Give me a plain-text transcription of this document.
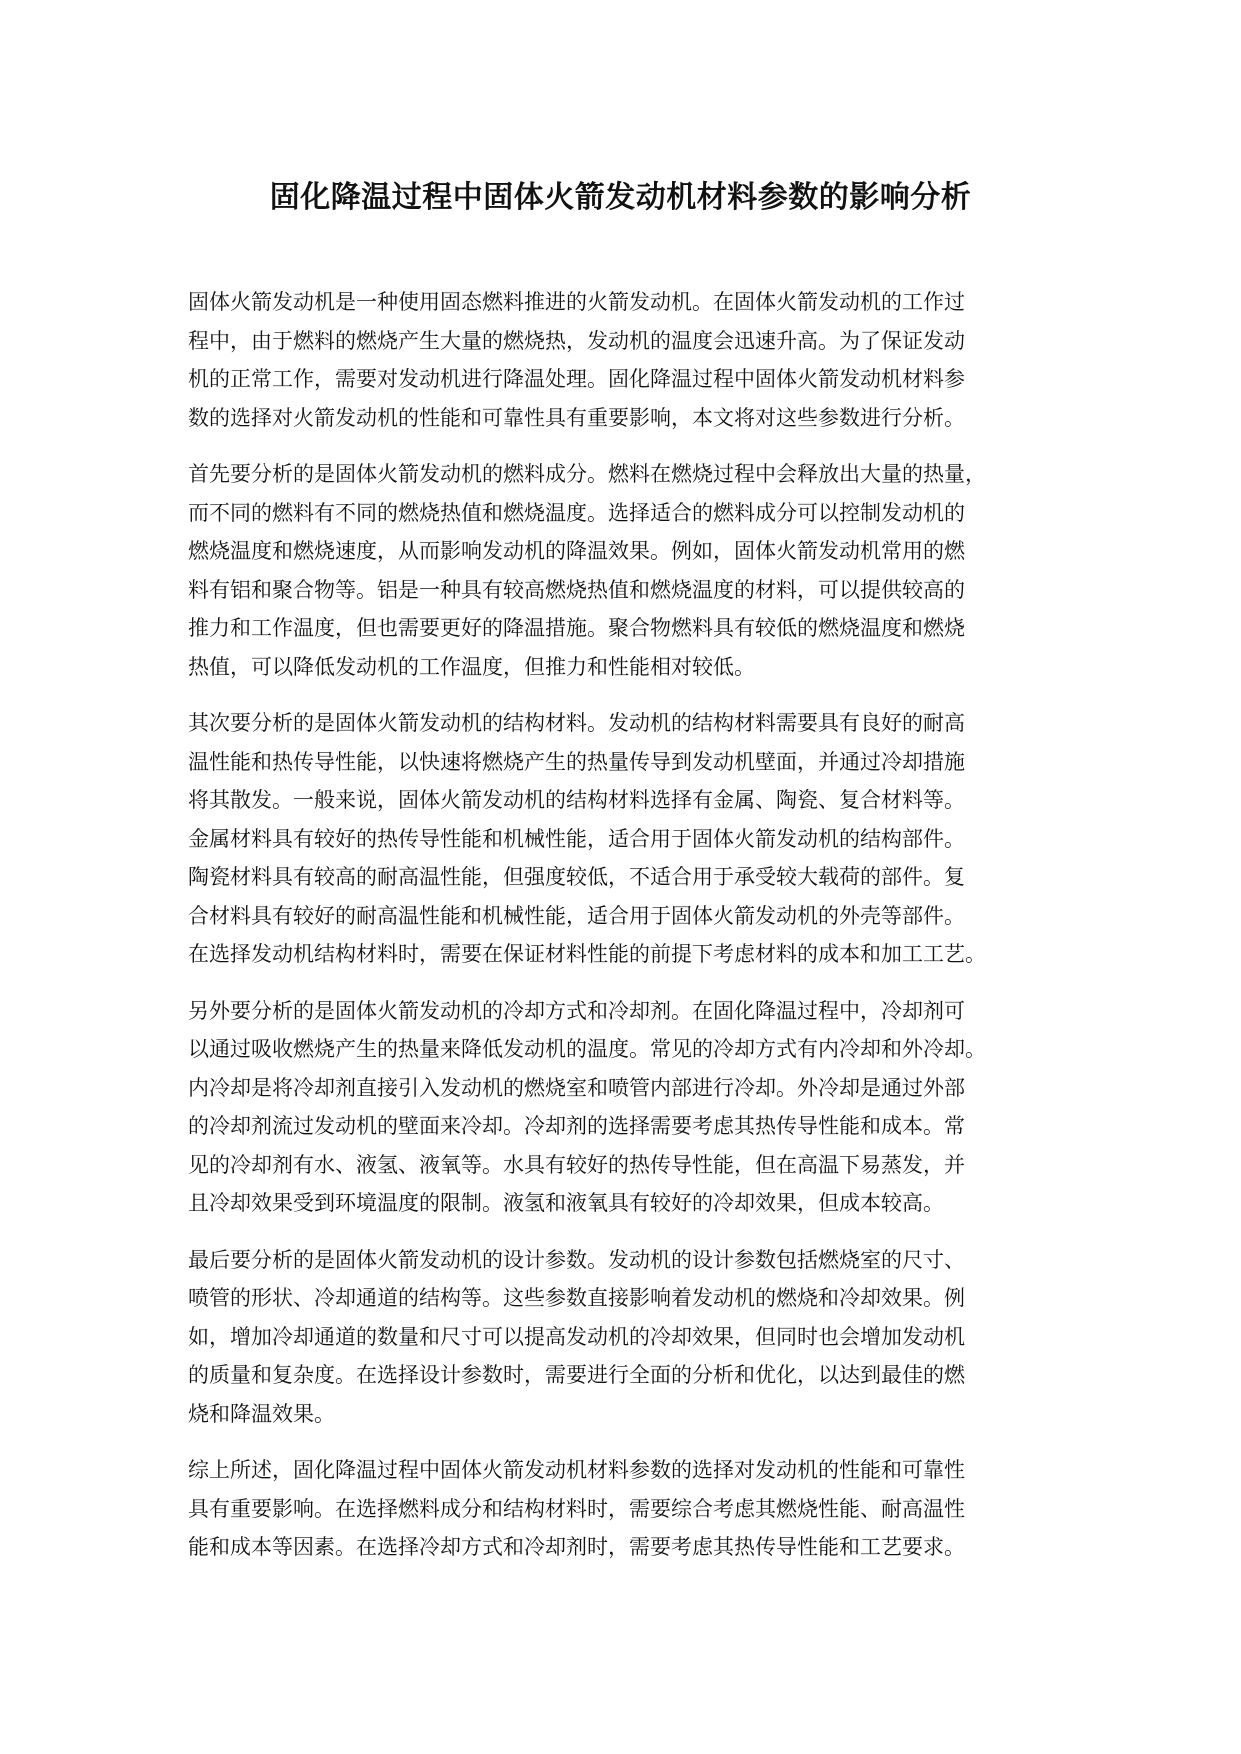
固化降温过程中固体火箭发动机材料参数的影响分析

固体火箭发动机是一种使用固态燃料推进的火箭发动机。在固体火箭发动机的工作过
程中，由于燃料的燃烧产生大量的燃烧热，发动机的温度会迅速升高。为了保证发动
机的正常工作，需要对发动机进行降温处理。固化降温过程中固体火箭发动机材料参
数的选择对火箭发动机的性能和可靠性具有重要影响，本文将对这些参数进行分析。

首先要分析的是固体火箭发动机的燃料成分。燃料在燃烧过程中会释放出大量的热量，
而不同的燃料有不同的燃烧热值和燃烧温度。选择适合的燃料成分可以控制发动机的
燃烧温度和燃烧速度，从而影响发动机的降温效果。例如，固体火箭发动机常用的燃
料有铝和聚合物等。铝是一种具有较高燃烧热值和燃烧温度的材料，可以提供较高的
推力和工作温度，但也需要更好的降温措施。聚合物燃料具有较低的燃烧温度和燃烧
热值，可以降低发动机的工作温度，但推力和性能相对较低。

其次要分析的是固体火箭发动机的结构材料。发动机的结构材料需要具有良好的耐高
温性能和热传导性能，以快速将燃烧产生的热量传导到发动机壁面，并通过冷却措施
将其散发。一般来说，固体火箭发动机的结构材料选择有金属、陶瓷、复合材料等。
金属材料具有较好的热传导性能和机械性能，适合用于固体火箭发动机的结构部件。
陶瓷材料具有较高的耐高温性能，但强度较低，不适合用于承受较大载荷的部件。复
合材料具有较好的耐高温性能和机械性能，适合用于固体火箭发动机的外壳等部件。
在选择发动机结构材料时，需要在保证材料性能的前提下考虑材料的成本和加工工艺。

另外要分析的是固体火箭发动机的冷却方式和冷却剂。在固化降温过程中，冷却剂可
以通过吸收燃烧产生的热量来降低发动机的温度。常见的冷却方式有内冷却和外冷却。
内冷却是将冷却剂直接引入发动机的燃烧室和喷管内部进行冷却。外冷却是通过外部
的冷却剂流过发动机的壁面来冷却。冷却剂的选择需要考虑其热传导性能和成本。常
见的冷却剂有水、液氢、液氧等。水具有较好的热传导性能，但在高温下易蒸发，并
且冷却效果受到环境温度的限制。液氢和液氧具有较好的冷却效果，但成本较高。

最后要分析的是固体火箭发动机的设计参数。发动机的设计参数包括燃烧室的尺寸、
喷管的形状、冷却通道的结构等。这些参数直接影响着发动机的燃烧和冷却效果。例
如，增加冷却通道的数量和尺寸可以提高发动机的冷却效果，但同时也会增加发动机
的质量和复杂度。在选择设计参数时，需要进行全面的分析和优化，以达到最佳的燃
烧和降温效果。

综上所述，固化降温过程中固体火箭发动机材料参数的选择对发动机的性能和可靠性
具有重要影响。在选择燃料成分和结构材料时，需要综合考虑其燃烧性能、耐高温性
能和成本等因素。在选择冷却方式和冷却剂时，需要考虑其热传导性能和工艺要求。
